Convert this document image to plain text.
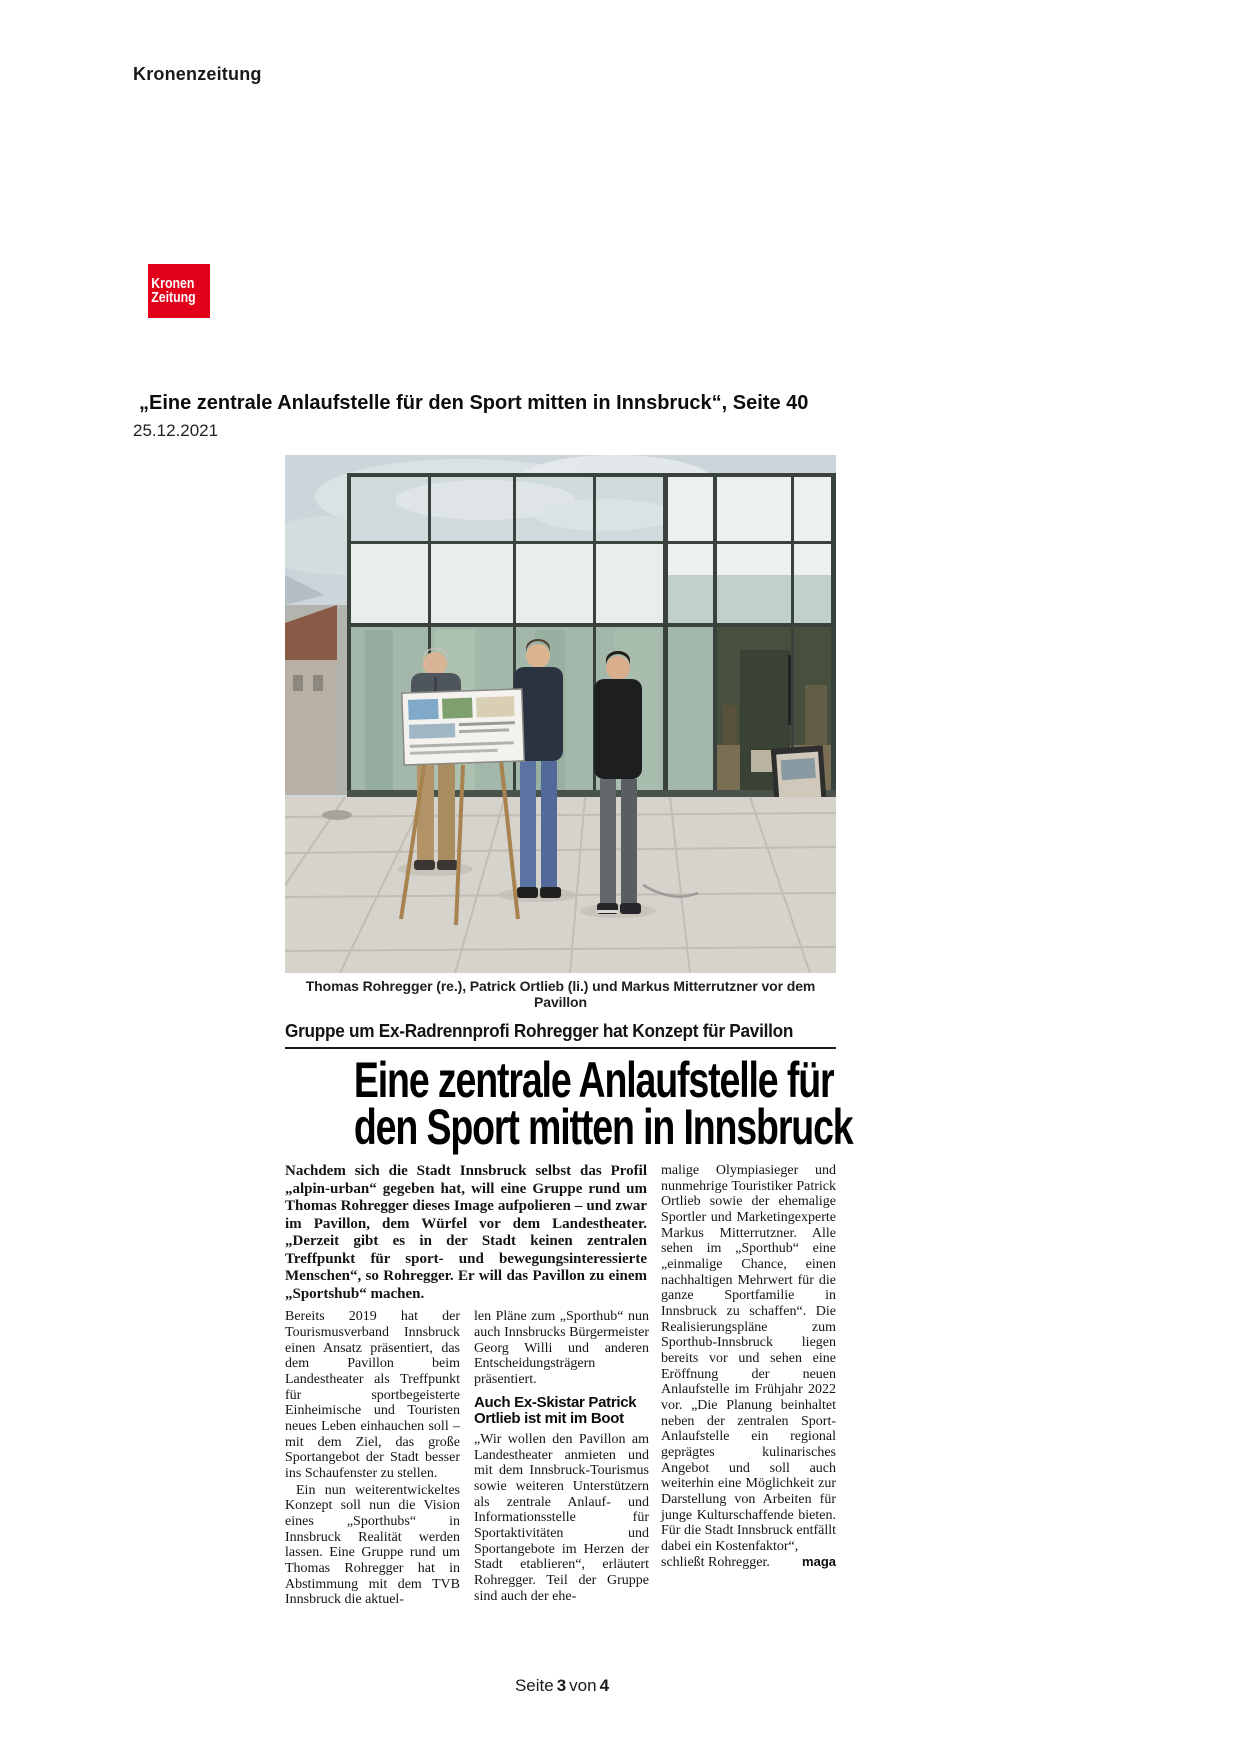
Kronenzeitung
Kronen
Zeitung
„Eine zentrale Anlaufstelle für den Sport mitten in Innsbruck“, Seite 40
25.12.2021
Thomas Rohregger (re.), Patrick Ortlieb (li.) und Markus Mitterrutzner vor dem Pavillon
Gruppe um Ex-Radrennprofi Rohregger hat Konzept für Pavillon
Eine zentrale Anlaufstelle für
den Sport mitten in Innsbruck

Nachdem sich die Stadt Innsbruck selbst das Profil „alpin-urban“ gegeben hat, will eine Gruppe rund um Thomas Rohregger dieses Image aufpolieren – und zwar im Pavillon, dem Würfel vor dem Landestheater. „Derzeit gibt es in der Stadt keinen zentralen Treffpunkt für sport- und bewegungsinteressierte Menschen“, so Rohregger. Er will das Pavillon zu einem „Sportshub“ machen.

Bereits 2019 hat der Tourismusverband Innsbruck einen Ansatz präsentiert, das dem Pavillon beim Landestheater als Treffpunkt für sportbegeisterte Einheimische und Touristen neues Leben einhauchen soll – mit dem Ziel, das große Sportangebot der Stadt besser ins Schaufenster zu stellen.

Ein nun weiterentwickeltes Konzept soll nun die Vision eines „Sporthubs“ in Innsbruck Realität werden lassen. Eine Gruppe rund um Thomas Rohregger hat in Abstimmung mit dem TVB Innsbruck die aktuel-

len Pläne zum „Sporthub“ nun auch Innsbrucks Bürgermeister Georg Willi und anderen Entscheidungsträgern präsentiert.

Auch Ex-Skistar Patrick Ortlieb ist mit im Boot

„Wir wollen den Pavillon am Landestheater anmieten und mit dem Innsbruck-Tourismus sowie weiteren Unterstützern als zentrale Anlauf- und Informationsstelle für Sportaktivitäten und Sportangebote im Herzen der Stadt etablieren“, erläutert Rohregger. Teil der Gruppe sind auch der ehe-

malige Olympiasieger und nunmehrige Touristiker Patrick Ortlieb sowie der ehemalige Sportler und Marketingexperte Markus Mitterrutzner. Alle sehen im „Sporthub“ eine „einmalige Chance, einen nachhaltigen Mehrwert für die ganze Sportfamilie in Innsbruck zu schaffen“. Die Realisierungspläne zum Sporthub-Innsbruck liegen bereits vor und sehen eine Eröffnung der neuen Anlaufstelle im Frühjahr 2022 vor. „Die Planung beinhaltet neben der zentralen Sport-Anlaufstelle ein regional geprägtes kulinarisches Angebot und soll auch weiterhin eine Möglichkeit zur Darstellung von Arbeiten für junge Kulturschaffende bieten. Für die Stadt Innsbruck entfällt dabei ein Kostenfaktor“,

schließt Rohregger. maga
Seite 3 von 4
